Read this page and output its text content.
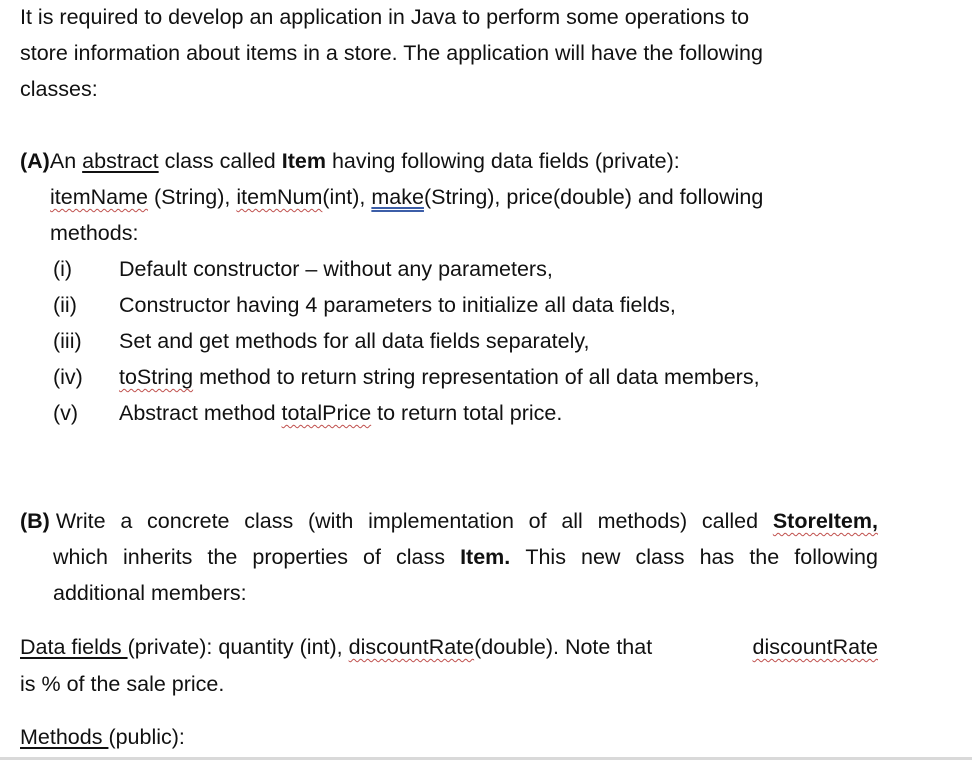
It is required to develop an application in Java to perform some operations to
store information about items in a store. The application will have the following
classes:
(A)An abstract class called Item having following data fields (private):
itemName (String), itemNum(int), make(String), price(double) and following
methods:
(i) Default constructor – without any parameters,
(ii) Constructor having 4 parameters to initialize all data fields,
(iii) Set and get methods for all data fields separately,
(iv) toString method to return string representation of all data members,
(v) Abstract method totalPrice to return total price.
(B) Write a concrete class (with implementation of all methods) called StoreItem,
which inherits the properties of class Item. This new class has the following
additional members:
Data fields (private): quantity (int), discountRate(double). Note that	discountRate
is % of the sale price.
Methods (public):
